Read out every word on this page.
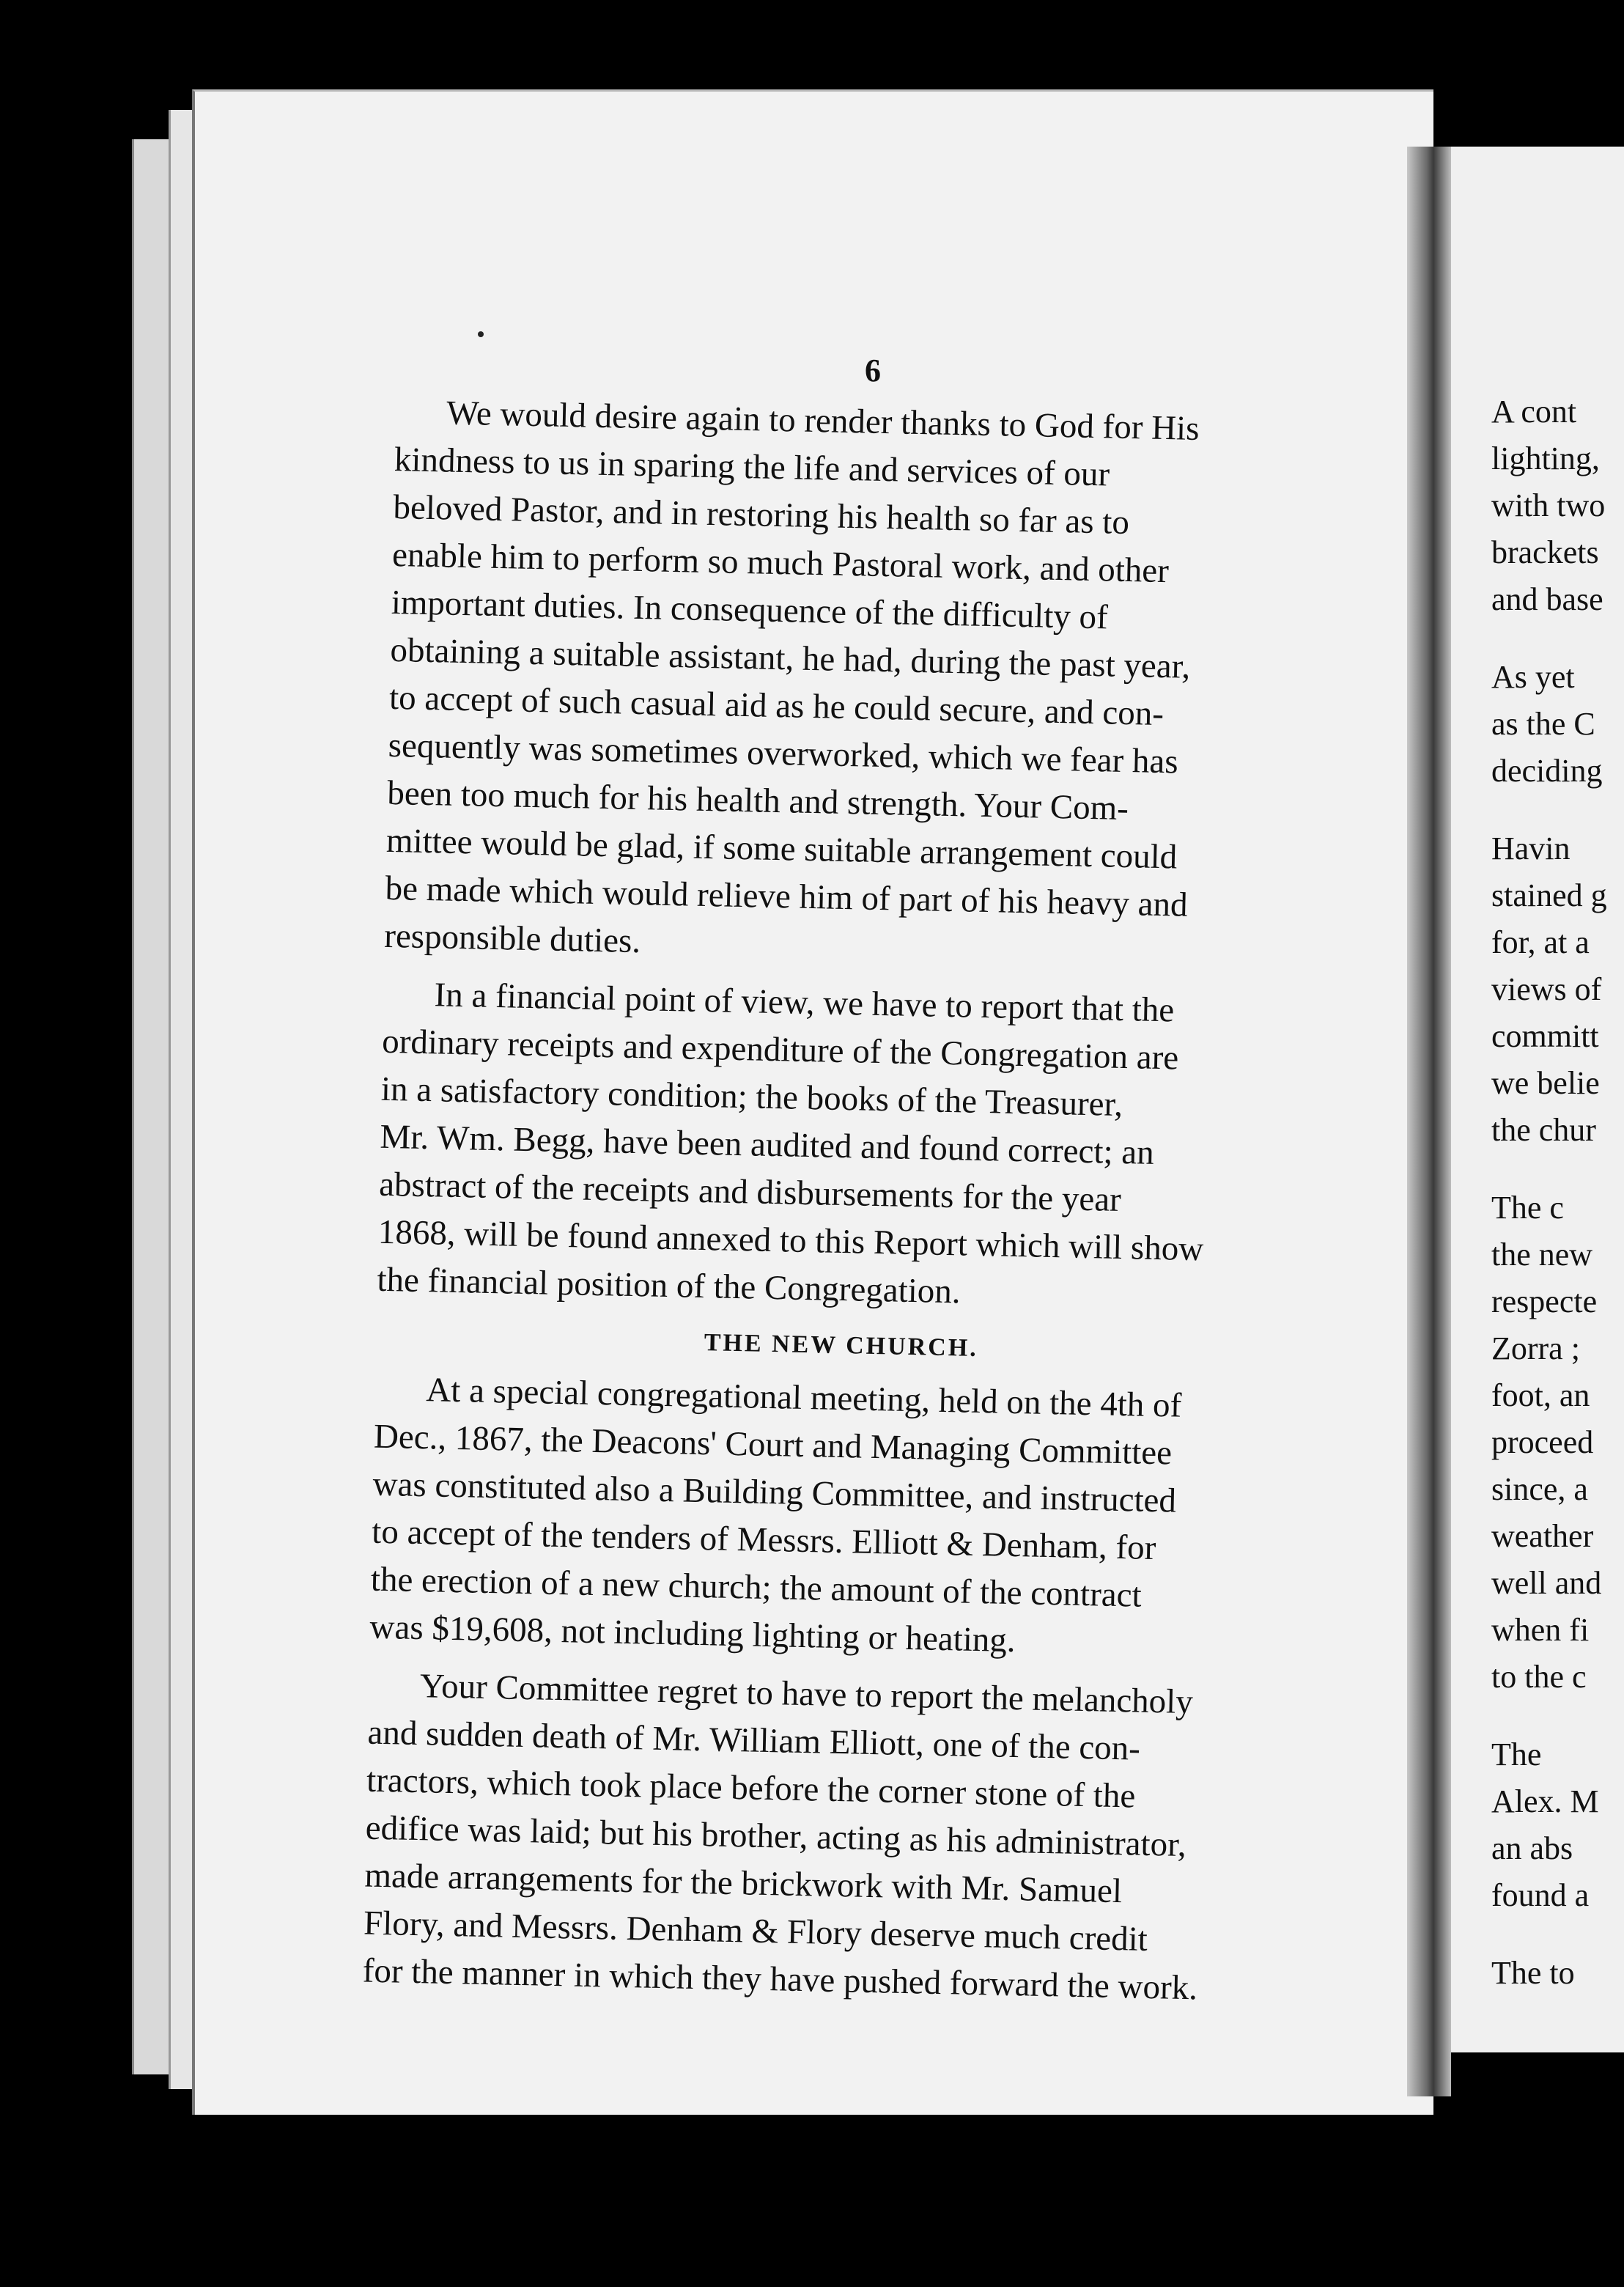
6
We would desire again to render thanks to God for His
kindness to us in sparing the life and services of our
beloved Pastor, and in restoring his health so far as to
enable him to perform so much Pastoral work, and other
important duties. In consequence of the difficulty of
obtaining a suitable assistant, he had, during the past year,
to accept of such casual aid as he could secure, and con-
sequently was sometimes overworked, which we fear has
been too much for his health and strength. Your Com-
mittee would be glad, if some suitable arrangement could
be made which would relieve him of part of his heavy and
responsible duties.
In a financial point of view, we have to report that the
ordinary receipts and expenditure of the Congregation are
in a satisfactory condition; the books of the Treasurer,
Mr. Wm. Begg, have been audited and found correct; an
abstract of the receipts and disbursements for the year
1868, will be found annexed to this Report which will show
the financial position of the Congregation.
THE NEW CHURCH.
At a special congregational meeting, held on the 4th of
Dec., 1867, the Deacons' Court and Managing Committee
was constituted also a Building Committee, and instructed
to accept of the tenders of Messrs. Elliott & Denham, for
the erection of a new church; the amount of the contract
was $19,608, not including lighting or heating.
Your Committee regret to have to report the melancholy
and sudden death of Mr. William Elliott, one of the con-
tractors, which took place before the corner stone of the
edifice was laid; but his brother, acting as his administrator,
made arrangements for the brickwork with Mr. Samuel
Flory, and Messrs. Denham & Flory deserve much credit
for the manner in which they have pushed forward the work.
A cont
lighting,
with two
brackets
and base
As yet
as the C
deciding
Havin
stained g
for, at a
views of
committ
we belie
the chur
The c
the new
respecte
Zorra ;
foot, an
proceed
since, a
weather
well and
when fi
to the c
The
Alex. M
an abs
found a
The to
